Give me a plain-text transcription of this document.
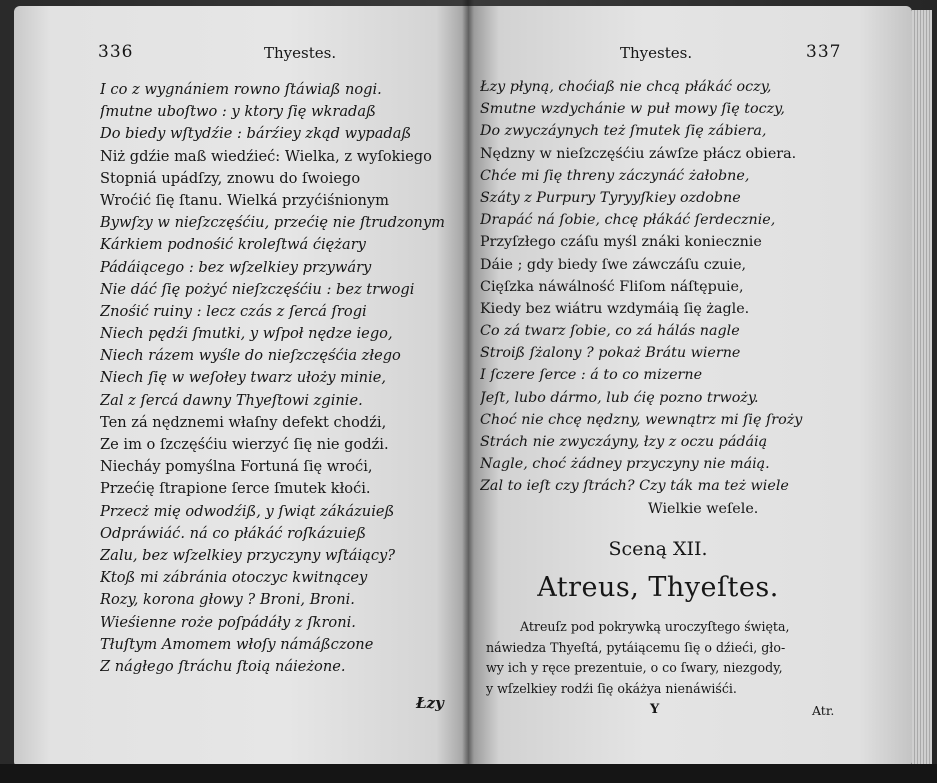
336	Thyestes.
I co z wygnániem rowno ſtáwiaß nogi.
ſmutne uboſtwo : y ktory ſię wkradaß
Do biedy wſtydźie : bárźiey zkąd wypadaß
Niż gdźie maß wiedźieć: Wielka, z wyſokiego
Stopniá upádſzy, znowu do ſwoiego
Wroćić ſię ſtanu. Wielká przyćiśnionym
Bywſzy w nieſzczęśćiu, przećię nie ſtrudzonym
Kárkiem podnośić kroleſtwá ćiężary
Pádáiącego : bez wſzelkiey przywáry
Nie dáć ſię pożyć nieſzczęśćiu : bez trwogi
Znośić ruiny : lecz czás z ſercá ſrogi
Niech pędźi ſmutki, y wſpoł nędze iego,
Niech rázem wyśle do nieſzczęśćia złego
Niech ſię w weſołey twarz ułoży minie,
Zal z ſercá dawny Thyeſtowi zginie.
Ten zá nędznemi właſny defekt chodźi,
Ze im o ſzczęśćiu wierzyć ſię nie godźi.
Niecháy pomyślna Fortuná ſię wroći,
Przećię ſtrapione ſerce ſmutek kłoći.
Przecż mię odwodźiß, y ſwiąt zákázuieß
Odpráwiáć. ná co płákáć roſkázuieß
Zalu, bez wſzelkiey przyczyny wſtáiący?
Ktoß mi zábránia otoczyc kwitnącey
Rozy, korona głowy ? Broni, Broni.
Wieśienne roże poſpádáły z ſkroni.
Tłuſtym Amomem włoſy námáßczone
Z nágłego ſtráchu ſtoią náieżone.
Łzy
Thyestes.	337
Łzy płyną, choćiaß nie chcą płákáć oczy,
Smutne wzdychánie w puł mowy ſię toczy,
Do zwyczáynych też ſmutek ſię zábiera,
Nędzny w nieſzczęśćiu záwſze płácz obiera.
Chće mi ſię threny záczynáć żałobne,
Száty z Purpury Tyryyſkiey ozdobne
Drapáć ná ſobie, chcę płákáć ſerdecznie,
Przyſzłego czáſu myśl znáki koniecznie
Dáie ; gdy biedy ſwe záwczáſu czuie,
Cięſzka náwálność Fliſom náſtępuie,
Kiedy bez wiátru wzdymáią ſię żagle.
Co zá twarz ſobie, co zá hálás nagle
Stroiß ſżalony ? pokaż Brátu wierne
I ſczere ſerce : á to co mizerne
Jeſt, lubo dármo, lub ćię pozno trwoży.
Choć nie chcę nędzny, wewnątrz mi ſię ſroży
Strách nie zwyczáyny, łzy z oczu pádáią
Nagle, choć żádney przyczyny nie máią.
Zal to ieſt czy ſtrách? Czy ták ma też wiele
Wielkie weſele.
Sceną XII.
Atreus, Thyeſtes.
Atreuſz pod pokrywką uroczyſtego święta,
náwiedza Thyeſtá, pytáiącemu ſię o dźieći, gło-
wy ich y ręce prezentuie, o co ſwary, niezgody,
y wſzelkiey rodźi ſię okáżya nienáwiśći.
Y	Atr.
